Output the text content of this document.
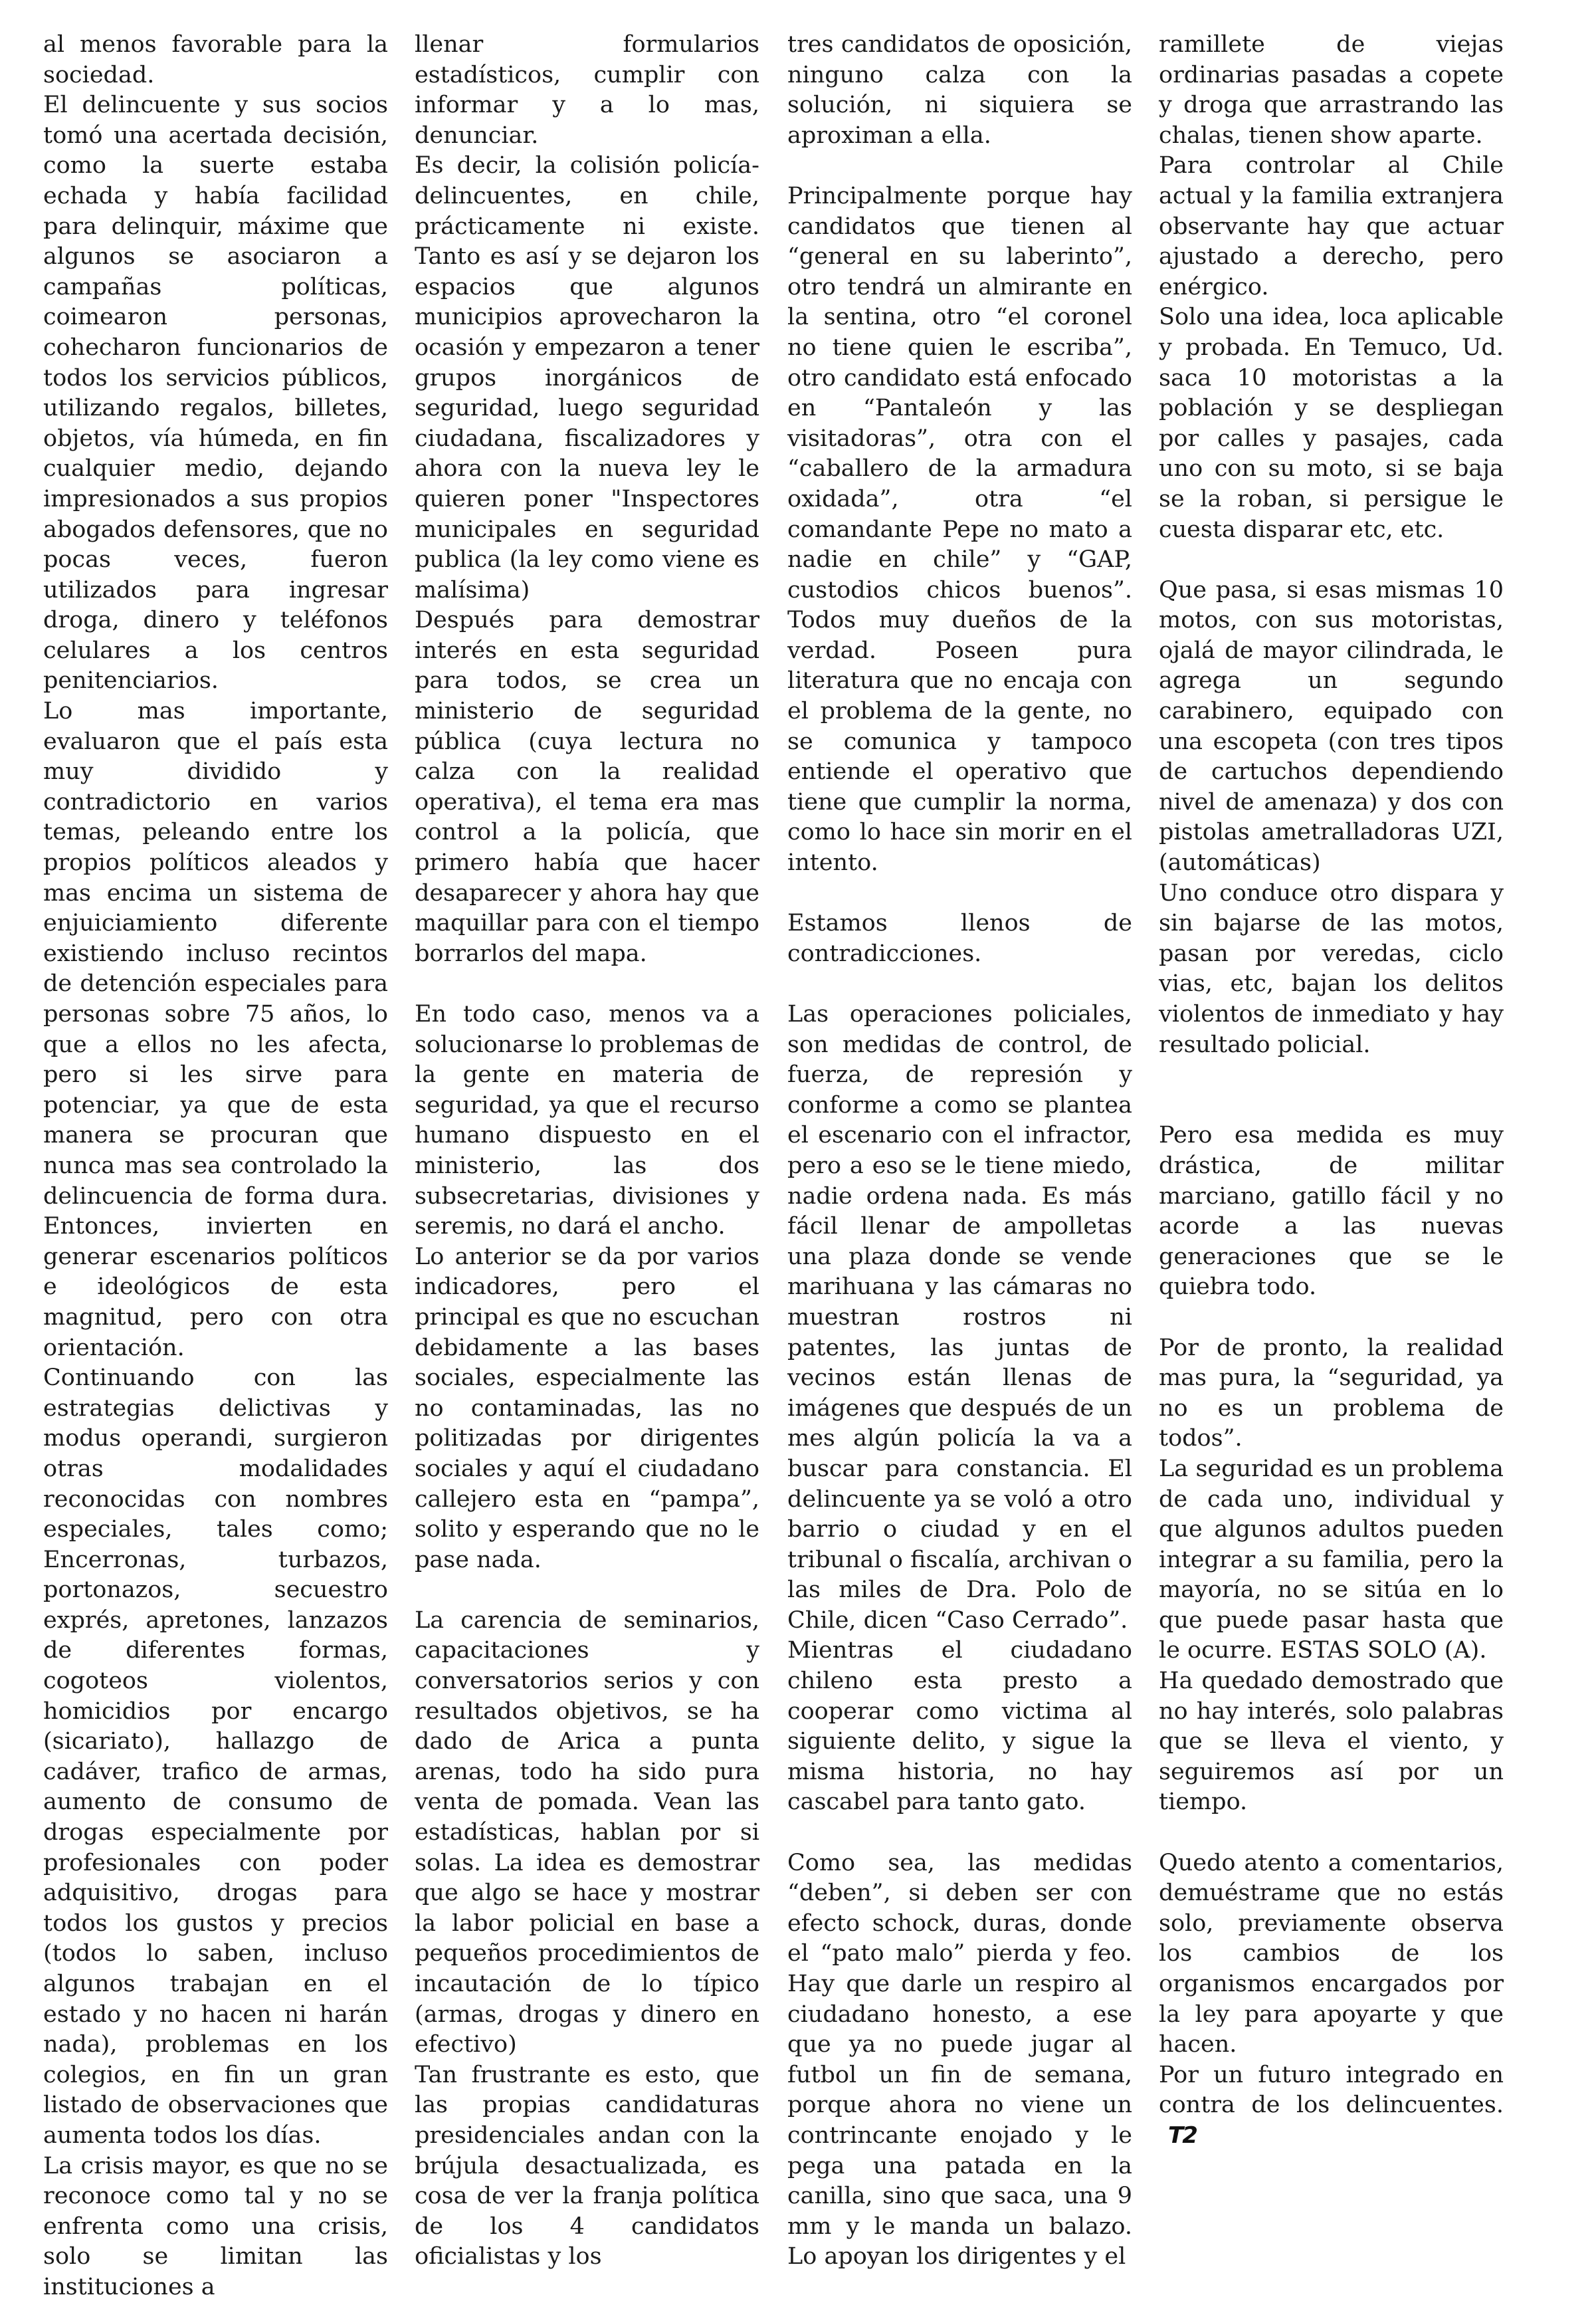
al menos favorable para la sociedad.

El delincuente y sus socios tomó una acertada decisión, como la suerte estaba echada y había facilidad para delinquir, máxime que algunos se asociaron a campañas políticas, coimearon personas, cohecharon funcionarios de todos los servicios públicos, utilizando regalos, billetes, objetos, vía húmeda, en fin cualquier medio, dejando impresionados a sus propios abogados defensores, que no pocas veces, fueron utilizados para ingresar droga, dinero y teléfonos celulares a los centros penitenciarios.

Lo mas importante, evaluaron que el país esta muy dividido y contradictorio en varios temas, peleando entre los propios políticos aleados y mas encima un sistema de enjuiciamiento diferente existiendo incluso recintos de detención especiales para personas sobre 75 años, lo que a ellos no les afecta, pero si les sirve para potenciar, ya que de esta manera se procuran que nunca mas sea controlado la delincuencia de forma dura. Entonces, invierten en generar escenarios políticos e ideológicos de esta magnitud, pero con otra orientación.

Continuando con las estrategias delictivas y modus operandi, surgieron otras modalidades reconocidas con nombres especiales, tales como; Encerronas, turbazos, portonazos, secuestro exprés, apretones, lanzazos de diferentes formas, cogoteos violentos, homicidios por encargo (sicariato), hallazgo de cadáver, trafico de armas, aumento de consumo de drogas especialmente por profesionales con poder adquisitivo, drogas para todos los gustos y precios (todos lo saben, incluso algunos trabajan en el estado y no hacen ni harán nada), problemas en los colegios, en fin un gran listado de observaciones que aumenta todos los días.

La crisis mayor, es que no se reconoce como tal y no se enfrenta como una crisis, solo se limitan las instituciones a

llenar formularios estadísticos, cumplir con informar y a lo mas, denunciar.

Es decir, la colisión policía-delincuentes, en chile, prácticamente ni existe. Tanto es así y se dejaron los espacios que algunos municipios aprovecharon la ocasión y empezaron a tener grupos inorgánicos de seguridad, luego seguridad ciudadana, fiscalizadores y ahora con la nueva ley le quieren poner "Inspectores municipales en seguridad publica (la ley como viene es malísima)

Después para demostrar interés en esta seguridad para todos, se crea un ministerio de seguridad pública (cuya lectura no calza con la realidad operativa), el tema era mas control a la policía, que primero había que hacer desaparecer y ahora hay que maquillar para con el tiempo borrarlos del mapa.

En todo caso, menos va a solucionarse lo problemas de la gente en materia de seguridad, ya que el recurso humano dispuesto en el ministerio, las dos subsecretarias, divisiones y seremis, no dará el ancho.

Lo anterior se da por varios indicadores, pero el principal es que no escuchan debidamente a las bases sociales, especialmente las no contaminadas, las no politizadas por dirigentes sociales y aquí el ciudadano callejero esta en “pampa”, solito y esperando que no le pase nada.

La carencia de seminarios, capacitaciones y conversatorios serios y con resultados objetivos, se ha dado de Arica a punta arenas, todo ha sido pura venta de pomada. Vean las estadísticas, hablan por si solas. La idea es demostrar que algo se hace y mostrar la labor policial en base a pequeños procedimientos de incautación de lo típico (armas, drogas y dinero en efectivo)

Tan frustrante es esto, que las propias candidaturas presidenciales andan con la brújula desactualizada, es cosa de ver la franja política de los 4 candidatos oficialistas y los

tres candidatos de oposición, ninguno calza con la solución, ni siquiera se aproximan a ella.

Principalmente porque hay candidatos que tienen al “general en su laberinto”, otro tendrá un almirante en la sentina, otro “el coronel no tiene quien le escriba”, otro candidato está enfocado en “Pantaleón y las visitadoras”, otra con el “caballero de la armadura oxidada”, otra “el comandante Pepe no mato a nadie en chile” y “GAP, custodios chicos buenos”. Todos muy dueños de la verdad. Poseen pura literatura que no encaja con el problema de la gente, no se comunica y tampoco entiende el operativo que tiene que cumplir la norma, como lo hace sin morir en el intento.

Estamos llenos de contradicciones.

Las operaciones policiales, son medidas de control, de fuerza, de represión y conforme a como se plantea el escenario con el infractor, pero a eso se le tiene miedo, nadie ordena nada. Es más fácil llenar de ampolletas una plaza donde se vende marihuana y las cámaras no muestran rostros ni patentes, las juntas de vecinos están llenas de imágenes que después de un mes algún policía la va a buscar para constancia. El delincuente ya se voló a otro barrio o ciudad y en el tribunal o fiscalía, archivan o las miles de Dra. Polo de Chile, dicen “Caso Cerrado”.

Mientras el ciudadano chileno esta presto a cooperar como victima al siguiente delito, y sigue la misma historia, no hay cascabel para tanto gato.

Como sea, las medidas “deben”, si deben ser con efecto schock, duras, donde el “pato malo” pierda y feo. Hay que darle un respiro al ciudadano honesto, a ese que ya no puede jugar al futbol un fin de semana, porque ahora no viene un contrincante enojado y le pega una patada en la canilla, sino que saca, una 9 mm y le manda un balazo. Lo apoyan los dirigentes y el

ramillete de viejas ordinarias pasadas a copete y droga que arrastrando las chalas, tienen show aparte.

Para controlar al Chile actual y la familia extranjera observante hay que actuar ajustado a derecho, pero enérgico.

Solo una idea, loca aplicable y probada. En Temuco, Ud. saca 10 motoristas a la población y se despliegan por calles y pasajes, cada uno con su moto, si se baja se la roban, si persigue le cuesta disparar etc, etc.

Que pasa, si esas mismas 10 motos, con sus motoristas, ojalá de mayor cilindrada, le agrega un segundo carabinero, equipado con una escopeta (con tres tipos de cartuchos dependiendo nivel de amenaza) y dos con pistolas ametralladoras UZI, (automáticas)

Uno conduce otro dispara y sin bajarse de las motos, pasan por veredas, ciclo vias, etc, bajan los delitos violentos de inmediato y hay resultado policial.

Pero esa medida es muy drástica, de militar marciano, gatillo fácil y no acorde a las nuevas generaciones que se le quiebra todo.

Por de pronto, la realidad mas pura, la “seguridad, ya no es un problema de todos”.

La seguridad es un problema de cada uno, individual y que algunos adultos pueden integrar a su familia, pero la mayoría, no se sitúa en lo que puede pasar hasta que le ocurre. ESTAS SOLO (A).

Ha quedado demostrado que no hay interés, solo palabras que se lleva el viento, y seguiremos así por un tiempo.

Quedo atento a comentarios, demuéstrame que no estás solo, previamente observa los cambios de los organismos encargados por la ley para apoyarte y que hacen.

Por un futuro integrado en contra de los delincuentes.T2
